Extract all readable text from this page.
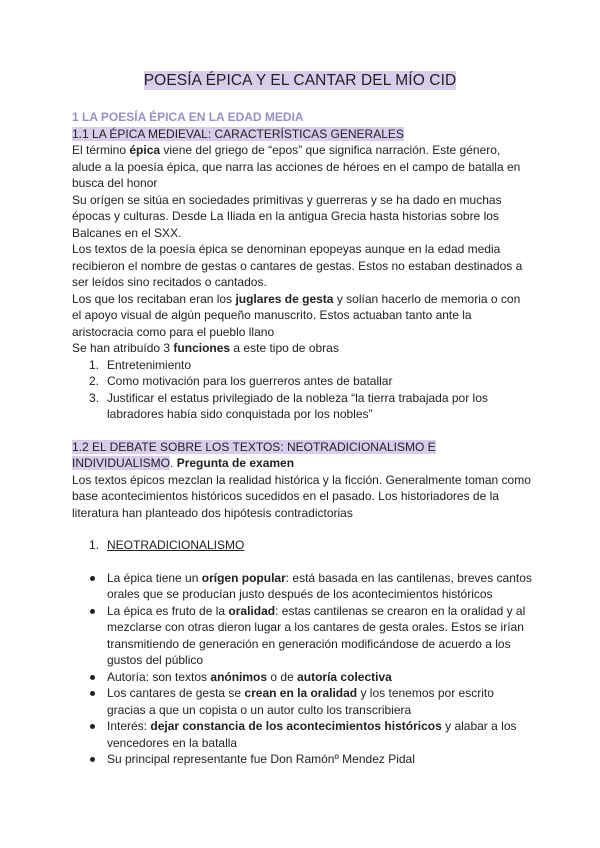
POESÍA ÉPICA Y EL CANTAR DEL MÍO CID

1 LA POESÍA ÉPICA EN LA EDAD MEDIA

1.1 LA ÉPICA MEDIEVAL: CARACTERÍSTICAS GENERALES

El término épica viene del griego de “epos” que significa narración. Este género, alude a la poesía épica, que narra las acciones de héroes en el campo de batalla en busca del honor

Su orígen se sitúa en sociedades primitivas y guerreras y se ha dado en muchas épocas y culturas. Desde La Iliada en la antigua Grecia hasta historias sobre los Balcanes en el SXX.

Los textos de la poesía épica se denominan epopeyas aunque en la edad media recibieron el nombre de gestas o cantares de gestas. Estos no estaban destinados a ser leídos sino recitados o cantados.

Los que los recitaban eran los juglares de gesta y solían hacerlo de memoria o con el apoyo visual de algún pequeño manuscrito. Estos actuaban tanto ante la aristocracia como para el pueblo llano

Se han atribuído 3 funciones a este tipo de obras

1. Entretenimiento
2. Como motivación para los guerreros antes de batallar
3. Justificar el estatus privilegiado de la nobleza “la tierra trabajada por los labradores había sido conquistada por los nobles”

1.2 EL DEBATE SOBRE LOS TEXTOS: NEOTRADICIONALISMO E INDIVIDUALISMO. Pregunta de examen

Los textos épicos mezclan la realidad histórica y la ficción. Generalmente toman como base acontecimientos históricos sucedidos en el pasado. Los historiadores de la literatura han planteado dos hipótesis contradictorias

1. NEOTRADICIONALISMO
La épica tiene un orígen popular: está basada en las cantilenas, breves cantos orales que se producían justo después de los acontecimientos históricos
La épica es fruto de la oralidad: estas cantilenas se crearon en la oralidad y al mezclarse con otras dieron lugar a los cantares de gesta orales. Estos se irían transmitiendo de generación en generación modificándose de acuerdo a los gustos del público
Autoría: son textos anónimos o de autoría colectiva
Los cantares de gesta se crean en la oralidad y los tenemos por escrito gracias a que un copista o un autor culto los transcribiera
Interés: dejar constancia de los acontecimientos históricos y alabar a los vencedores en la batalla
Su principal representante fue Don Ramónº Mendez Pidal
